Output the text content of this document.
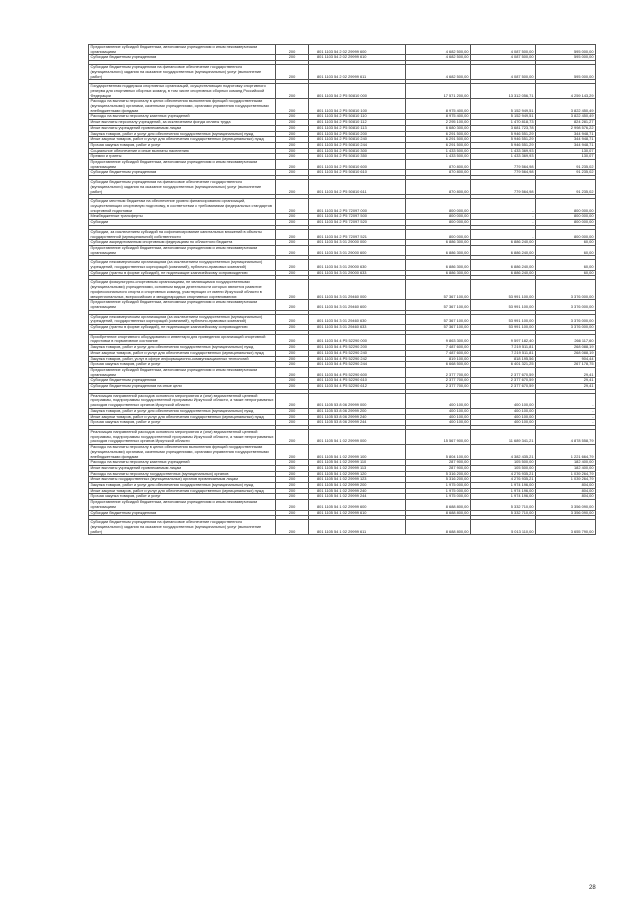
Предоставление субсидий бюджетным, автономным учреждениям и иным некоммерческим организациям	200	801 1103 54 2 02 29999 600	4 682 500,00	4 087 500,00	595 000,00
Субсидии бюджетным учреждениям	200	801 1103 54 2 02 29999 610	4 682 500,00	4 087 500,00	595 000,00

Субсидии бюджетным учреждениям на финансовое обеспечение государственного (муниципального) задания на оказание государственных (муниципальных) услуг (выполнение работ)	200	801 1103 54 2 02 29999 611	4 682 500,00	4 087 500,00	595 000,00

Государственная поддержка спортивных организаций, осуществляющих подготовку спортивного резерва для спортивных сборных команд, в том числе спортивных сборных команд Российской Федерации	200	801 1103 54 2 P5 50810 000	17 571 200,00	13 312 056,71	4 259 143,29
Расходы на выплаты персоналу в целях обеспечения выполнения функций государственными (муниципальными) органами, казенными учреждениями, органами управления государственными внебюджетными фондами	200	801 1103 54 2 P5 50810 100	8 975 400,00	5 152 949,51	3 822 450,49
Расходы на выплаты персоналу казенных учреждений	200	801 1103 54 2 P5 50810 110	8 975 400,00	5 152 949,51	3 822 450,49
Иные выплаты персоналу учреждений, за исключением фонда оплаты труда	200	801 1103 54 2 P5 50810 112	2 295 100,00	1 470 818,73	824 281,27
Иные выплаты учреждений привлекаемым лицам	200	801 1103 54 2 P5 50810 113	6 680 300,00	3 681 723,78	2 998 576,22
Закупка товаров, работ и услуг для обеспечения государственных (муниципальных) нужд	200	801 1103 54 2 P5 50810 200	6 291 500,00	5 946 551,29	344 948,71
Иные закупки товаров, работ и услуг для обеспечения государственных (муниципальных) нужд	200	801 1103 54 2 P5 50810 240	6 291 500,00	5 946 551,29	344 948,71
Прочая закупка товаров, работ и услуг	200	801 1103 54 2 P5 50810 244	6 291 500,00	5 946 551,29	344 948,71
Социальное обеспечение и иные выплаты населению	200	801 1103 54 2 P5 50810 300	1 433 500,00	1 433 369,93	130,07
Премии и гранты	200	801 1103 54 2 P5 50810 350	1 433 500,00	1 433 369,93	130,07
Предоставление субсидий бюджетным, автономным учреждениям и иным некоммерческим организациям	200	801 1103 54 2 P5 50810 600	870 800,00	779 564,98	91 235,02
Субсидии бюджетным учреждениям	200	801 1103 54 2 P5 50810 610	870 800,00	779 564,98	91 235,02

Субсидии бюджетным учреждениям на финансовое обеспечение государственного (муниципального) задания на оказание государственных (муниципальных) услуг (выполнение работ)	200	801 1103 54 2 P5 50810 611	870 800,00	779 564,98	91 235,02

Субсидии местным бюджетам на обеспечение уровня финансирования организаций, осуществляющих спортивную подготовку, в соответствии с требованиями федеральных стандартов спортивной подготовки	200	801 1103 54 2 P5 72097 000	800 000,00	-	800 000,00
Межбюджетные трансферты	200	801 1103 54 2 P5 72097 500	800 000,00	-	800 000,00
Субсидии	200	801 1103 54 2 P5 72097 520	800 000,00	-	800 000,00

Субсидии, за исключением субсидий на софинансирование капитальных вложений в объекты государственной (муниципальной) собственности	200	801 1103 54 2 P5 72097 521	800 000,00	-	800 000,00
Субсидии аккредитованным спортивным федерациям по областного бюджета	200	801 1103 54 3 01 29000 000	6 886 300,00	6 886 240,00	60,00
Предоставление субсидий бюджетным, автономным учреждениям и иным некоммерческим организациям	200	801 1103 54 3 01 29000 600	6 886 300,00	6 886 240,00	60,00

Субсидии некоммерческим организациям (за исключением государственных (муниципальных) учреждений, государственных корпораций (компаний), публично-правовых компаний)	200	801 1103 54 3 01 29000 630	6 886 300,00	6 886 240,00	60,00
Субсидии (гранты в форме субсидий), не подлежащие казначейскому сопровождению	200	801 1103 54 3 01 29000 633	6 886 300,00	6 886 240,00	60,00

Субсидии физкультурно-спортивным организациям, не являющимся государственными (муниципальными) учреждениями, основным видом деятельности которых является развитие профессионального спорта и спортивных команд, участвующих от имени Иркутской области в межрегиональных, всероссийских и международных спортивных соревнованиях	200	801 1103 54 3 01 29460 000	57 367 100,00	53 991 100,00	3 376 000,00
Предоставление субсидий бюджетным, автономным учреждениям и иным некоммерческим организациям	200	801 1103 54 3 01 29460 600	57 367 100,00	53 991 100,00	3 376 000,00

Субсидии некоммерческим организациям (за исключением государственных (муниципальных) учреждений, государственных корпораций (компаний), публично-правовых компаний)	200	801 1103 54 3 01 29460 630	57 367 100,00	53 991 100,00	3 376 000,00
Субсидии (гранты в форме субсидий), не подлежащие казначейскому сопровождению	200	801 1103 54 3 01 29460 633	57 367 100,00	53 991 100,00	3 376 000,00

Приобретение спортивного оборудования и инвентаря для приведения организаций спортивной подготовки в нормативное состояние	200	801 1103 54 4 P5 52290 000	9 863 300,00	9 597 182,40	266 117,60
Закупка товаров, работ и услуг для обеспечения государственных (муниципальных) нужд	200	801 1103 54 4 P5 52290 200	7 487 600,00	7 219 511,81	268 088,19
Иные закупки товаров, работ и услуг для обеспечения государственных (муниципальных) нужд	200	801 1103 54 4 P5 52290 240	7 487 600,00	7 219 511,81	268 088,19
Закупка товаров, работ, услуг в сфере информационно-коммуникационных технологий	200	801 1103 54 4 P5 52290 242	819 100,00	818 195,56	904,44
Прочая закупка товаров, работ и услуг	200	801 1103 54 4 P5 52290 244	6 668 500,00	6 401 321,25	267 178,75
Предоставление субсидий бюджетным, автономным учреждениям и иным некоммерческим организациям	200	801 1103 54 4 P5 52290 600	2 377 700,00	2 377 670,59	29,41
Субсидии бюджетным учреждениям	200	801 1103 54 4 P5 52290 610	2 377 700,00	2 377 670,59	29,41
Субсидии бюджетным учреждениям на иные цели	200	801 1103 54 4 P5 52290 612	2 377 700,00	2 377 670,59	29,41

Реализация направлений расходов основного мероприятия и (или) ведомственной целевой программы, подпрограммы государственной программы Иркутской области, а также непрограммных расходов государственных органов Иркутской области	200	801 1105 53 8 06 29999 000	400 100,00	400 100,00	-
Закупка товаров, работ и услуг для обеспечения государственных (муниципальных) нужд	200	801 1105 53 8 06 29999 200	400 100,00	400 100,00	-
Иные закупки товаров, работ и услуг для обеспечения государственных (муниципальных) нужд	200	801 1105 53 8 06 29999 240	400 100,00	400 100,00	-
Прочая закупка товаров, работ и услуг	200	801 1105 53 8 06 29999 244	400 100,00	400 100,00	-

Реализация направлений расходов основного мероприятия и (или) ведомственной целевой программы, подпрограммы государственной программы Иркутской области, а также непрограммных расходов государственных органов Иркутской области	200	801 1105 54 1 02 29999 000	15 567 900,00	11 689 341,21	4 878 558,79
Расходы на выплаты персоналу в целях обеспечения выполнения функций государственными (муниципальными) органами, казенными учреждениями, органами управления государственными внебюджетными фондами	200	801 1105 54 1 02 29999 100	5 804 100,00	4 382 435,21	1 221 664,79
Расходы на выплаты персоналу казенных учреждений	200	801 1105 54 1 02 29999 110	287 900,00	105 500,00	182 400,00
Иные выплаты учреждений привлекаемым лицам	200	801 1105 54 1 02 29999 113	287 900,00	105 500,00	182 400,00
Расходы на выплаты персоналу государственных (муниципальных) органов	200	801 1105 54 1 02 29999 120	5 316 200,00	4 276 935,21	1 039 264,79
Иные выплаты государственных (муниципальных) органов привлекаемым лицам	200	801 1105 54 1 02 29999 123	5 316 200,00	4 276 935,21	1 039 264,79
Закупка товаров, работ и услуг для обеспечения государственных (муниципальных) нужд	200	801 1105 54 1 02 29999 200	1 975 000,00	1 974 196,00	804,00
Иные закупки товаров, работ и услуг для обеспечения государственных (муниципальных) нужд	200	801 1105 54 1 02 29999 240	1 975 000,00	1 974 196,00	804,00
Прочая закупка товаров, работ и услуг	200	801 1105 54 1 02 29999 244	1 975 000,00	1 974 196,00	804,00
Предоставление субсидий бюджетным, автономным учреждениям и иным некоммерческим организациям	200	801 1105 54 1 02 29999 600	8 688 800,00	5 332 710,00	3 356 090,00
Субсидии бюджетным учреждениям	200	801 1105 54 1 02 29999 610	8 688 800,00	5 332 710,00	3 356 090,00

Субсидии бюджетным учреждениям на финансовое обеспечение государственного (муниципального) задания на оказание государственных (муниципальных) услуг (выполнение работ)	200	801 1105 54 1 02 29999 611	8 688 800,00	5 013 110,00	3 655 790,00
28
